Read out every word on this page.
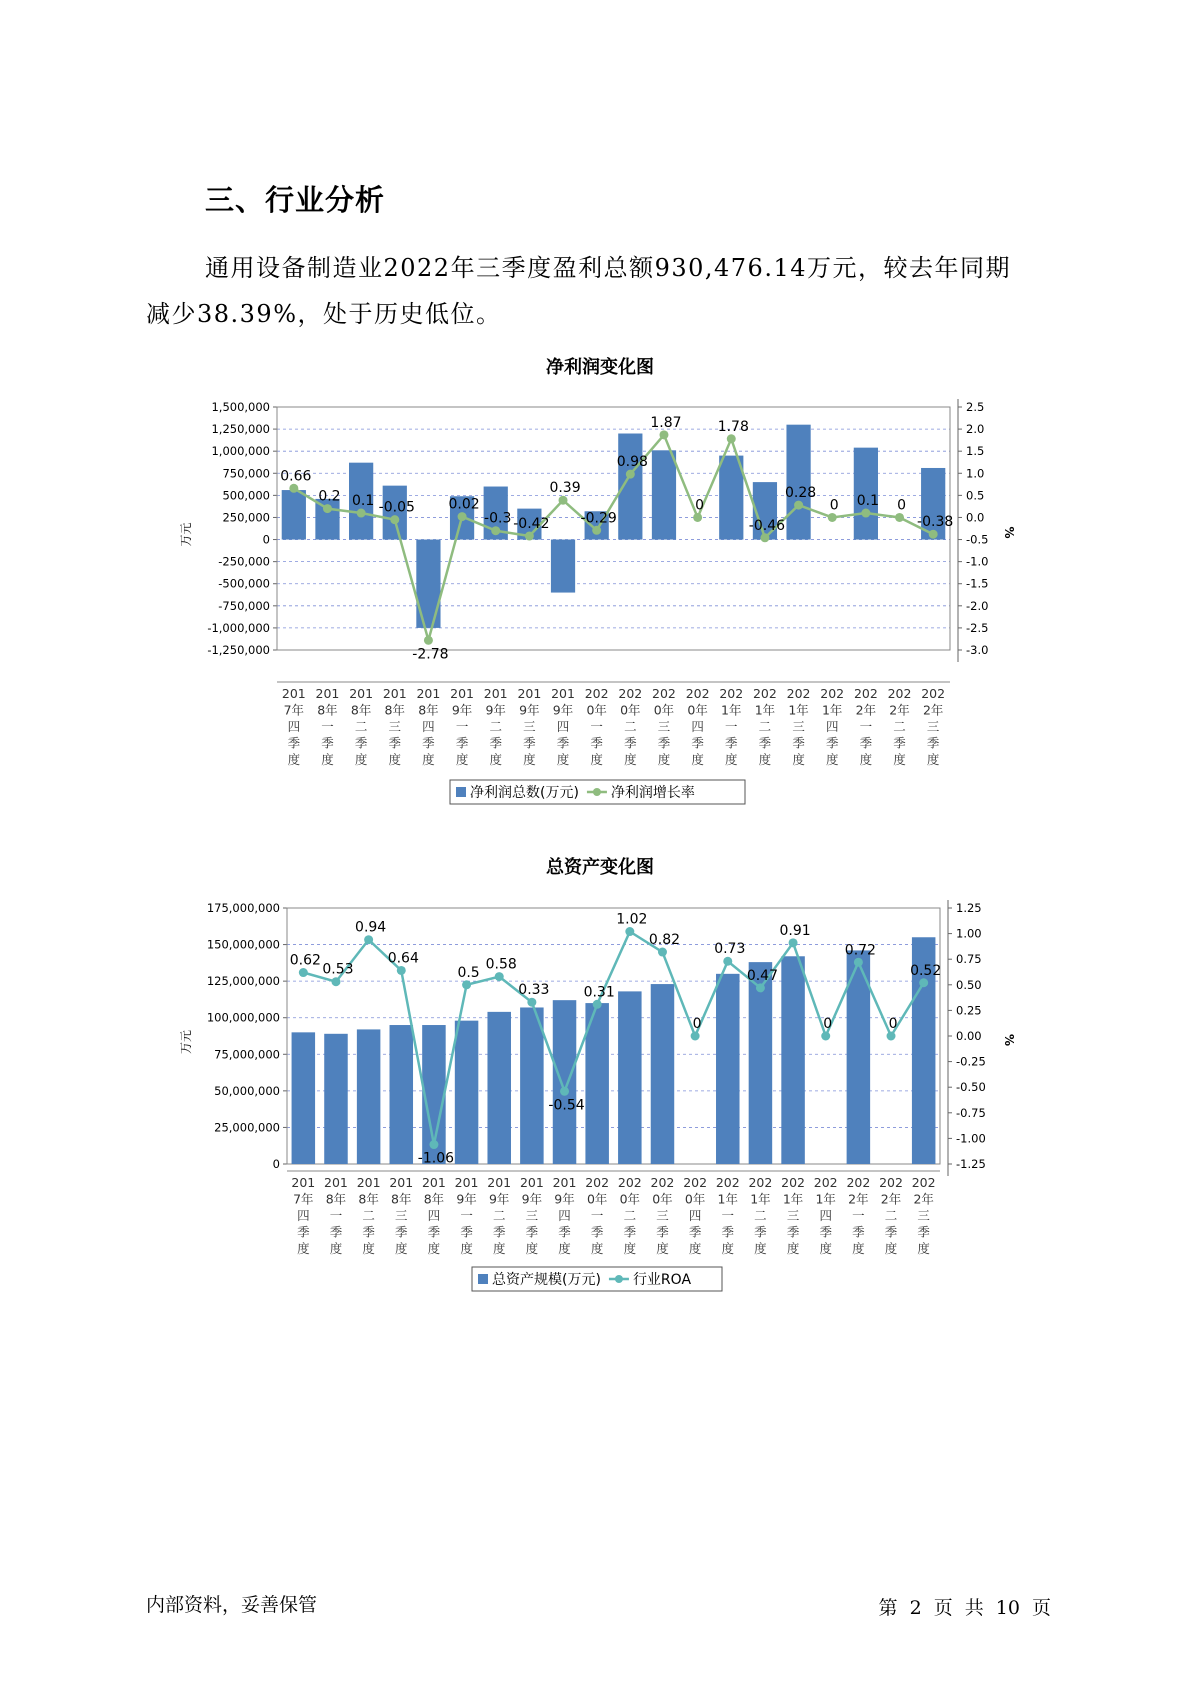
三、行业分析
通用设备制造业2022年三季度盈利总额930,476.14万元，较去年同期
减少38.39%，处于历史低位。
净利润变化图
1,500,000
1,250,000
1,000,000
750,000
500,000
250,000
0
-250,000
-500,000
-750,000
-1,000,000
-1,250,000
2.5
2.0
1.5
1.0
0.5
0.0
-0.5
-1.0
-1.5
-2.0
-2.5
-3.0
万元	%
0.66
0.2 0.1 -0.05
-2.78
0.02
-0.3 -0.42
0.39
-0.29
0.98
1.87
0
1.78
-0.46
0.28
0 0.1 0
-0.38
201
7年
四
季
度
201
8年
一
季
度
201
8年
二
季
度
201
8年
三
季
度
201
8年
四
季
度
201
9年
一
季
度
201
9年
二
季
度
201
9年
三
季
度
201
9年
四
季
度
202
0年
一
季
度
202
0年
二
季
度
202
0年
三
季
度
202
0年
四
季
度
202
1年
一
季
度
202
1年
二
季
度
202
1年
三
季
度
202
1年
四
季
度
202
2年
一
季
度
202
2年
二
季
度
202
2年
三
季
度
净利润总数(万元) 净利润增长率
总资产变化图
175,000,000
150,000,000
125,000,000
100,000,000
75,000,000
50,000,000
25,000,000
0
1.25
1.00
0.75
0.50
0.25
0.00
-0.25
-0.50
-0.75
-1.00
-1.25
万元	%
0.62
0.53
0.94
0.64
-1.06
0.5
0.58
0.33
-0.54
0.31
1.02
0.82
0
0.73
0.47
0.91
0
0.72
0
0.52
201
7年
四
季
度
201
8年
一
季
度
201
8年
二
季
度
201
8年
三
季
度
201
8年
四
季
度
201
9年
一
季
度
201
9年
二
季
度
201
9年
三
季
度
201
9年
四
季
度
202
0年
一
季
度
202
0年
二
季
度
202
0年
三
季
度
202
0年
四
季
度
202
1年
一
季
度
202
1年
二
季
度
202
1年
三
季
度
202
1年
四
季
度
202
2年
一
季
度
202
2年
二
季
度
202
2年
三
季
度
总资产规模(万元) 行业ROA
内部资料，妥善保管	第 2 页 共 10 页
